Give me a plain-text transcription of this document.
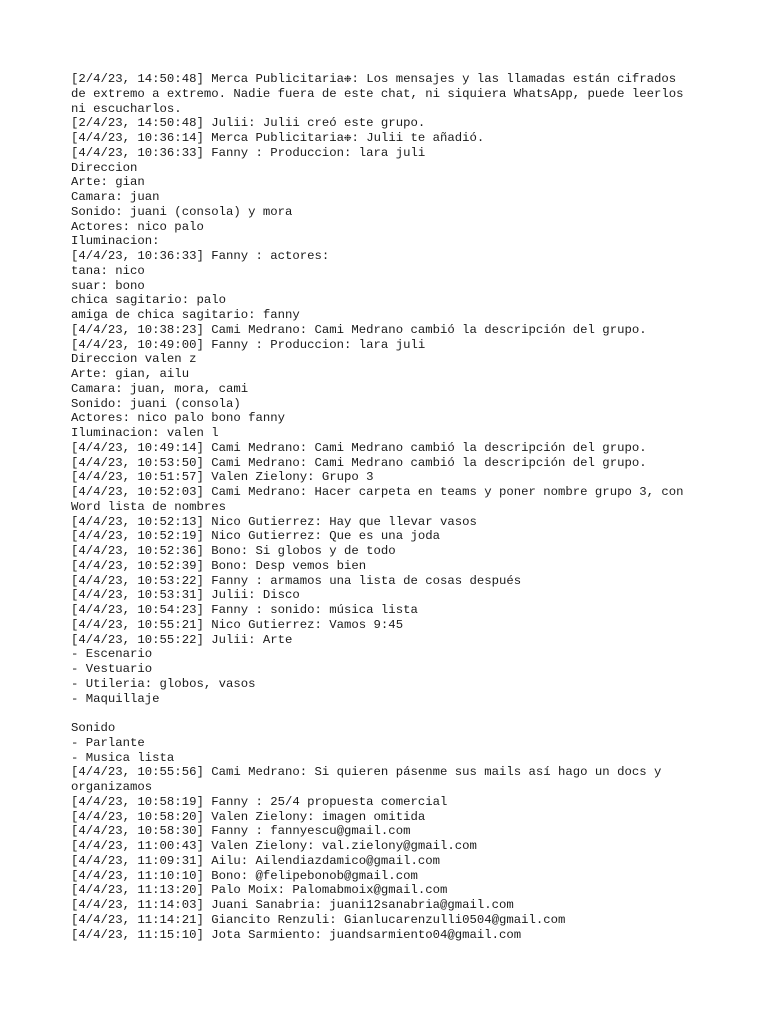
[2/4/23, 14:50:48] Merca Publicitaria❉: Los mensajes y las llamadas están cifrados
de extremo a extremo. Nadie fuera de este chat, ni siquiera WhatsApp, puede leerlos
ni escucharlos.
[2/4/23, 14:50:48] Julii: Julii creó este grupo.
[4/4/23, 10:36:14] Merca Publicitaria❉: Julii te añadió.
[4/4/23, 10:36:33] Fanny : Produccion: lara juli
Direccion
Arte: gian
Camara: juan
Sonido: juani (consola) y mora
Actores: nico palo
Iluminacion:
[4/4/23, 10:36:33] Fanny : actores:
tana: nico
suar: bono
chica sagitario: palo
amiga de chica sagitario: fanny
[4/4/23, 10:38:23] Cami Medrano: Cami Medrano cambió la descripción del grupo.
[4/4/23, 10:49:00] Fanny : Produccion: lara juli
Direccion valen z
Arte: gian, ailu
Camara: juan, mora, cami
Sonido: juani (consola)
Actores: nico palo bono fanny
Iluminacion: valen l
[4/4/23, 10:49:14] Cami Medrano: Cami Medrano cambió la descripción del grupo.
[4/4/23, 10:53:50] Cami Medrano: Cami Medrano cambió la descripción del grupo.
[4/4/23, 10:51:57] Valen Zielony: Grupo 3
[4/4/23, 10:52:03] Cami Medrano: Hacer carpeta en teams y poner nombre grupo 3, con
Word lista de nombres
[4/4/23, 10:52:13] Nico Gutierrez: Hay que llevar vasos
[4/4/23, 10:52:19] Nico Gutierrez: Que es una joda
[4/4/23, 10:52:36] Bono: Si globos y de todo
[4/4/23, 10:52:39] Bono: Desp vemos bien
[4/4/23, 10:53:22] Fanny : armamos una lista de cosas después
[4/4/23, 10:53:31] Julii: Disco
[4/4/23, 10:54:23] Fanny : sonido: música lista
[4/4/23, 10:55:21] Nico Gutierrez: Vamos 9:45
[4/4/23, 10:55:22] Julii: Arte
- Escenario
- Vestuario
- Utileria: globos, vasos
- Maquillaje
Sonido
- Parlante
- Musica lista
[4/4/23, 10:55:56] Cami Medrano: Si quieren pásenme sus mails así hago un docs y
organizamos
[4/4/23, 10:58:19] Fanny : 25/4 propuesta comercial
[4/4/23, 10:58:20] Valen Zielony: imagen omitida
[4/4/23, 10:58:30] Fanny : fannyescu@gmail.com
[4/4/23, 11:00:43] Valen Zielony: val.zielony@gmail.com
[4/4/23, 11:09:31] Ailu: Ailendiazdamico@gmail.com
[4/4/23, 11:10:10] Bono: @felipebonob@gmail.com
[4/4/23, 11:13:20] Palo Moix: Palomabmoix@gmail.com
[4/4/23, 11:14:03] Juani Sanabria: juani12sanabria@gmail.com
[4/4/23, 11:14:21] Giancito Renzuli: Gianlucarenzulli0504@gmail.com
[4/4/23, 11:15:10] Jota Sarmiento: juandsarmiento04@gmail.com
